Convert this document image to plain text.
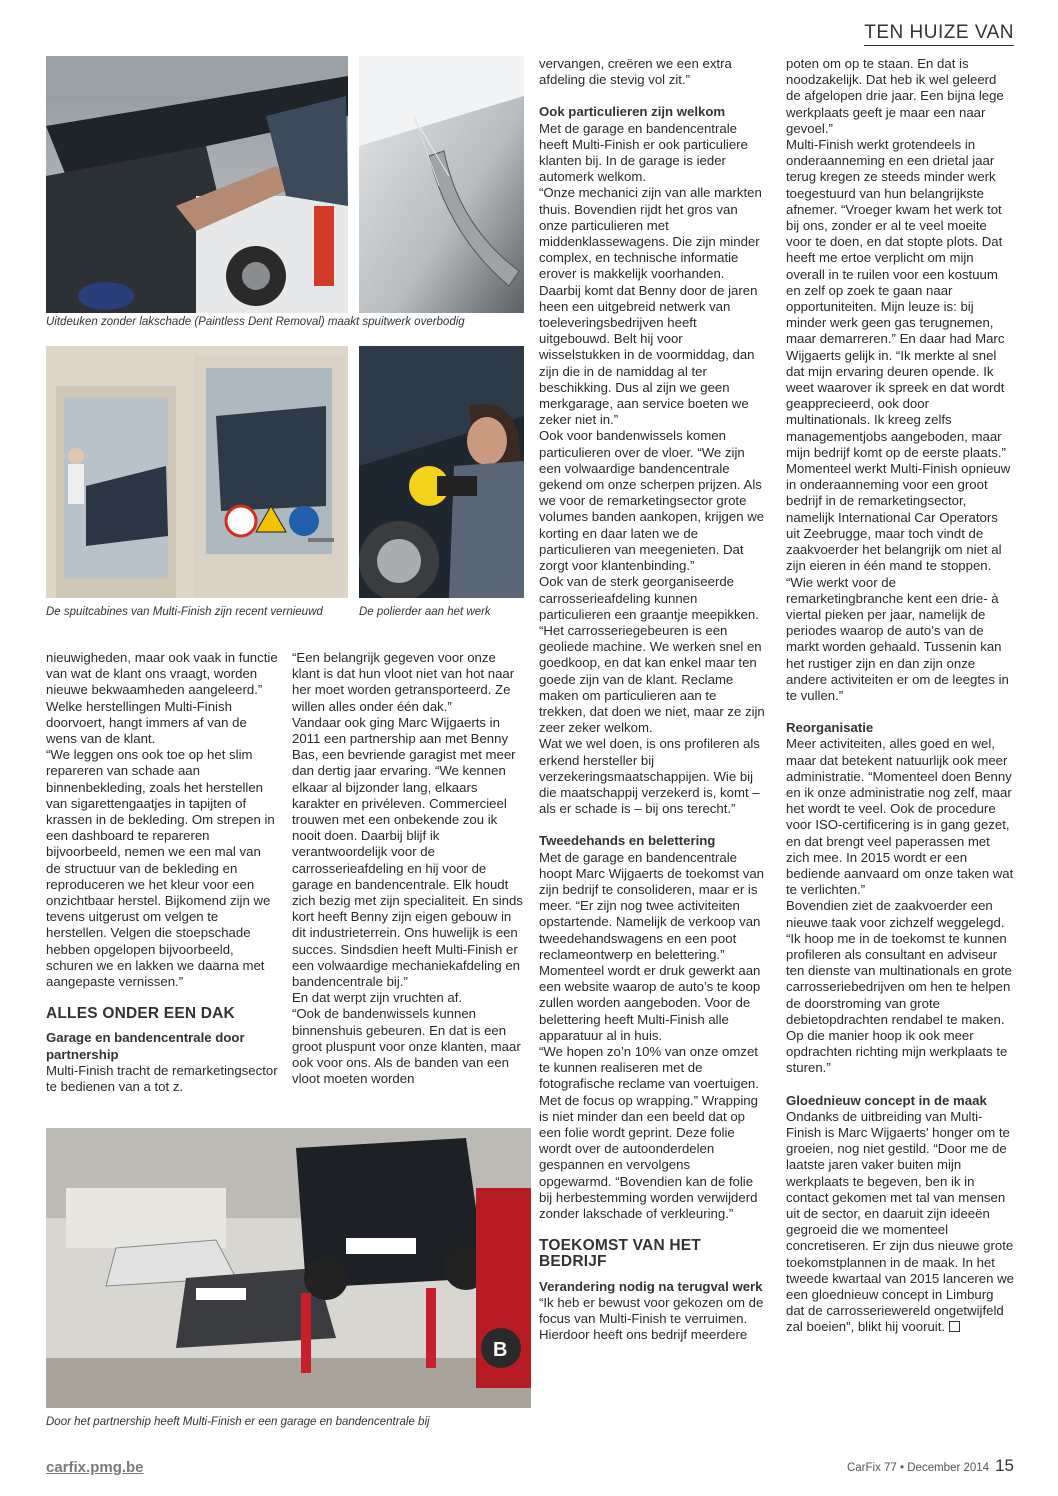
TEN HUIZE VAN
Uitdeuken zonder lakschade (Paintless Dent Removal) maakt spuitwerk overbodig
De spuitcabines van Multi-Finish zijn recent vernieuwd	De polierder aan het werk

nieuwigheden, maar ook vaak in functie van wat de klant ons vraagt, worden nieuwe bekwaamheden aangeleerd.” Welke herstellingen Multi-Finish doorvoert, hangt immers af van de wens van de klant.

“We leggen ons ook toe op het slim repareren van schade aan binnenbekleding, zoals het herstellen van sigarettengaatjes in tapijten of krassen in de bekleding. Om strepen in een dashboard te repareren bijvoorbeeld, nemen we een mal van de structuur van de bekleding en reproduceren we het kleur voor een onzichtbaar herstel. Bijkomend zijn we tevens uitgerust om velgen te herstellen. Velgen die stoepschade hebben opgelopen bijvoorbeeld, schuren we en lakken we daarna met aangepaste vernissen.”

ALLES ONDER EEN DAK

Garage en bandencentrale door partnership

Multi-Finish tracht de remarketingsector te bedienen van a tot z.

“Een belangrijk gegeven voor onze klant is dat hun vloot niet van hot naar her moet worden getransporteerd. Ze willen alles onder één dak.”

Vandaar ook ging Marc Wijgaerts in 2011 een partnership aan met Benny Bas, een bevriende garagist met meer dan dertig jaar ervaring. “We kennen elkaar al bijzonder lang, elkaars karakter en privéleven. Commercieel trouwen met een onbekende zou ik nooit doen. Daarbij blijf ik verantwoordelijk voor de carrosserieafdeling en hij voor de garage en bandencentrale. Elk houdt zich bezig met zijn specialiteit. En sinds kort heeft Benny zijn eigen gebouw in dit industrieterrein. Ons huwelijk is een succes. Sindsdien heeft Multi-Finish er een volwaardige mechaniekafdeling en bandencentrale bij.”

En dat werpt zijn vruchten af.

“Ook de bandenwissels kunnen binnenshuis gebeuren. En dat is een groot pluspunt voor onze klanten, maar ook voor ons. Als de banden van een vloot moeten worden

B
Door het partnership heeft Multi-Finish er een garage en bandencentrale bij

vervangen, creëren we een extra afdeling die stevig vol zit.”

Ook particulieren zijn welkom

Met de garage en bandencentrale heeft Multi-Finish er ook particuliere klanten bij. In de garage is ieder automerk welkom.

“Onze mechanici zijn van alle markten thuis. Bovendien rijdt het gros van onze particulieren met middenklassewagens. Die zijn minder complex, en technische informatie erover is makkelijk voorhanden. Daarbij komt dat Benny door de jaren heen een uitgebreid netwerk van toeleveringsbedrijven heeft uitgebouwd. Belt hij voor wisselstukken in de voormiddag, dan zijn die in de namiddag al ter beschikking. Dus al zijn we geen merkgarage, aan service boeten we zeker niet in.”

Ook voor bandenwissels komen particulieren over de vloer. “We zijn een volwaardige bandencentrale gekend om onze scherpen prijzen. Als we voor de remarketingsector grote volumes banden aankopen, krijgen we korting en daar laten we de particulieren van meegenieten. Dat zorgt voor klantenbinding.”

Ook van de sterk georganiseerde carrosserieafdeling kunnen particulieren een graantje meepikken. “Het carrosseriegebeuren is een geoliede machine. We werken snel en goedkoop, en dat kan enkel maar ten goede zijn van de klant. Reclame maken om particulieren aan te trekken, dat doen we niet, maar ze zijn zeer zeker welkom.

Wat we wel doen, is ons profileren als erkend hersteller bij verzekeringsmaatschappijen. Wie bij die maatschappij verzekerd is, komt – als er schade is – bij ons terecht.”

Tweedehands en belettering

Met de garage en bandencentrale hoopt Marc Wijgaerts de toekomst van zijn bedrijf te consolideren, maar er is meer. “Er zijn nog twee activiteiten opstartende. Namelijk de verkoop van tweedehandswagens en een poot reclameontwerp en belettering.” Momenteel wordt er druk gewerkt aan een website waarop de auto’s te koop zullen worden aangeboden. Voor de belettering heeft Multi-Finish alle apparatuur al in huis.

“We hopen zo’n 10% van onze omzet te kunnen realiseren met de fotografische reclame van voertuigen. Met de focus op wrapping.” Wrapping is niet minder dan een beeld dat op een folie wordt geprint. Deze folie wordt over de autoonderdelen gespannen en vervolgens opgewarmd. “Bovendien kan de folie bij herbestemming worden verwijderd zonder lakschade of verkleuring.”

TOEKOMST VAN HET BEDRIJF

Verandering nodig na terugval werk

“Ik heb er bewust voor gekozen om de focus van Multi-Finish te verruimen. Hierdoor heeft ons bedrijf meerdere

poten om op te staan. En dat is noodzakelijk. Dat heb ik wel geleerd de afgelopen drie jaar. Een bijna lege werkplaats geeft je maar een naar gevoel.”

Multi-Finish werkt grotendeels in onderaanneming en een drietal jaar terug kregen ze steeds minder werk toegestuurd van hun belangrijkste afnemer. “Vroeger kwam het werk tot bij ons, zonder er al te veel moeite voor te doen, en dat stopte plots. Dat heeft me ertoe verplicht om mijn overall in te ruilen voor een kostuum en zelf op zoek te gaan naar opportuniteiten. Mijn leuze is: bij minder werk geen gas terugnemen, maar demarreren.” En daar had Marc Wijgaerts gelijk in. “Ik merkte al snel dat mijn ervaring deuren opende. Ik weet waarover ik spreek en dat wordt geapprecieerd, ook door multinationals. Ik kreeg zelfs managementjobs aangeboden, maar mijn bedrijf komt op de eerste plaats.”

Momenteel werkt Multi-Finish opnieuw in onderaanneming voor een groot bedrijf in de remarketingsector, namelijk International Car Operators uit Zeebrugge, maar toch vindt de zaakvoerder het belangrijk om niet al zijn eieren in één mand te stoppen.

“Wie werkt voor de remarketingbranche kent een drie- à viertal pieken per jaar, namelijk de periodes waarop de auto’s van de markt worden gehaald. Tussenin kan het rustiger zijn en dan zijn onze andere activiteiten er om de leegtes in te vullen.”

Reorganisatie

Meer activiteiten, alles goed en wel, maar dat betekent natuurlijk ook meer administratie. “Momenteel doen Benny en ik onze administratie nog zelf, maar het wordt te veel. Ook de procedure voor ISO-certificering is in gang gezet, en dat brengt veel paperassen met zich mee. In 2015 wordt er een bediende aanvaard om onze taken wat te verlichten.”

Bovendien ziet de zaakvoerder een nieuwe taak voor zichzelf weggelegd. “Ik hoop me in de toekomst te kunnen profileren als consultant en adviseur ten dienste van multinationals en grote carrosseriebedrijven om hen te helpen de doorstroming van grote debietopdrachten rendabel te maken. Op die manier hoop ik ook meer opdrachten richting mijn werkplaats te sturen.”

Gloednieuw concept in de maak

Ondanks de uitbreiding van Multi-Finish is Marc Wijgaerts' honger om te groeien, nog niet gestild. “Door me de laatste jaren vaker buiten mijn werkplaats te begeven, ben ik in contact gekomen met tal van mensen uit de sector, en daaruit zijn ideeën gegroeid die we momenteel concretiseren. Er zijn dus nieuwe grote toekomstplannen in de maak. In het tweede kwartaal van 2015 lanceren we een gloednieuw concept in Limburg dat de carrosseriewereld ongetwijfeld zal boeien”, blikt hij vooruit.

carfix.pmg.be	CarFix 77 • December 2014 15
